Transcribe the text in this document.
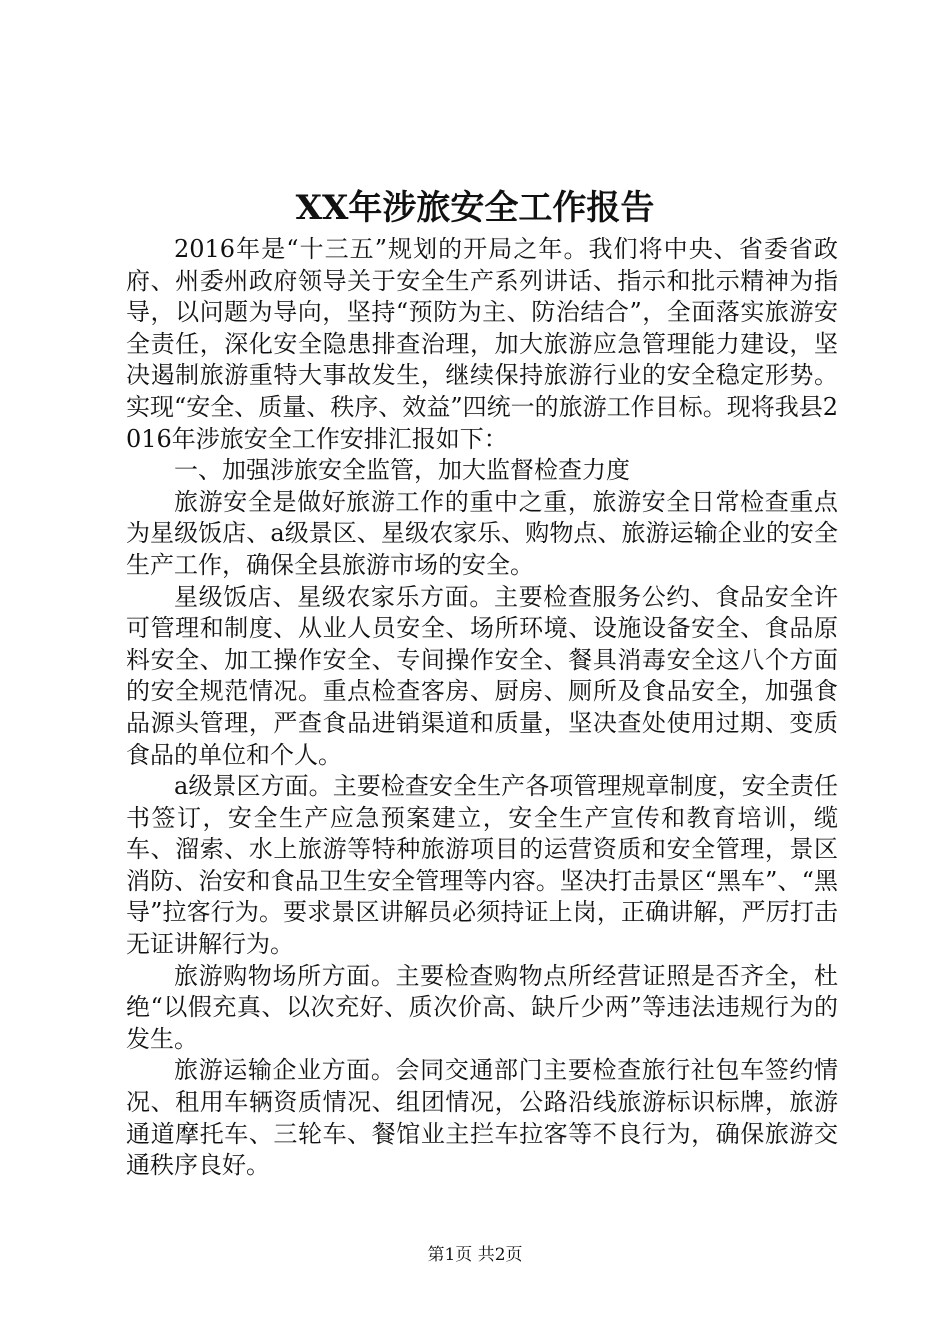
XX年涉旅安全工作报告

2016年是“十三五”规划的开局之年。我们将中央、省委省政府、州委州政府领导关于安全生产系列讲话、指示和批示精神为指导，以问题为导向，坚持“预防为主、防治结合”，全面落实旅游安全责任，深化安全隐患排查治理，加大旅游应急管理能力建设，坚决遏制旅游重特大事故发生，继续保持旅游行业的安全稳定形势。实现“安全、质量、秩序、效益”四统一的旅游工作目标。现将我县2016年涉旅安全工作安排汇报如下：

一、加强涉旅安全监管，加大监督检查力度

旅游安全是做好旅游工作的重中之重，旅游安全日常检查重点为星级饭店、a级景区、星级农家乐、购物点、旅游运输企业的安全生产工作，确保全县旅游市场的安全。

星级饭店、星级农家乐方面。主要检查服务公约、食品安全许可管理和制度、从业人员安全、场所环境、设施设备安全、食品原料安全、加工操作安全、专间操作安全、餐具消毒安全这八个方面的安全规范情况。重点检查客房、厨房、厕所及食品安全，加强食品源头管理，严查食品进销渠道和质量，坚决查处使用过期、变质食品的单位和个人。

a级景区方面。主要检查安全生产各项管理规章制度，安全责任书签订，安全生产应急预案建立，安全生产宣传和教育培训，缆车、溜索、水上旅游等特种旅游项目的运营资质和安全管理，景区消防、治安和食品卫生安全管理等内容。坚决打击景区“黑车”、“黑导”拉客行为。要求景区讲解员必须持证上岗，正确讲解，严厉打击无证讲解行为。

旅游购物场所方面。主要检查购物点所经营证照是否齐全，杜绝“以假充真、以次充好、质次价高、缺斤少两”等违法违规行为的发生。

旅游运输企业方面。会同交通部门主要检查旅行社包车签约情况、租用车辆资质情况、组团情况，公路沿线旅游标识标牌，旅游通道摩托车、三轮车、餐馆业主拦车拉客等不良行为，确保旅游交通秩序良好。

第1页 共2页
